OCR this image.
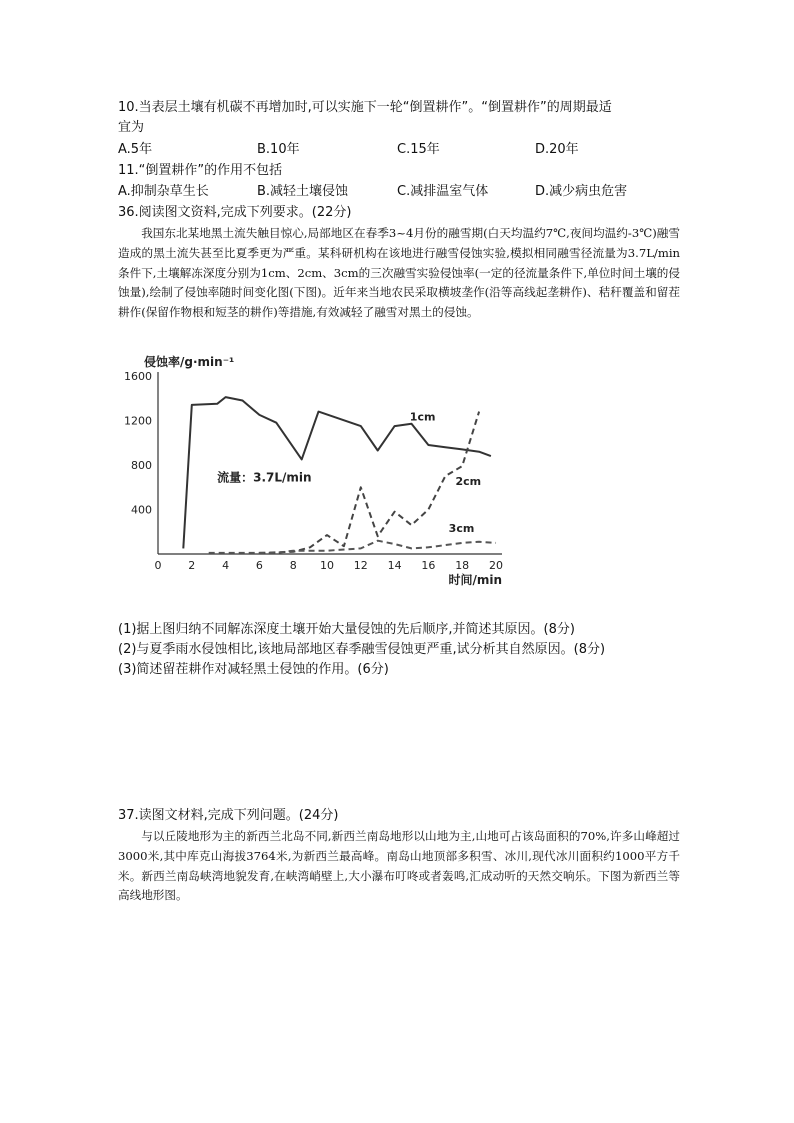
10.当表层土壤有机碳不再增加时,可以实施下一轮“倒置耕作”。“倒置耕作”的周期最适
宜为
A.5年	B.10年	C.15年	D.20年
11.“倒置耕作”的作用不包括
A.抑制杂草生长	B.减轻土壤侵蚀	C.减排温室气体	D.减少病虫危害
36.阅读图文资料,完成下列要求。(22分)

我国东北某地黑土流失触目惊心,局部地区在春季3~4月份的融雪期(白天均温约7℃,夜间均温约-3℃)融雪造成的黑土流失甚至比夏季更为严重。某科研机构在该地进行融雪侵蚀实验,模拟相同融雪径流量为3.7L/min条件下,土壤解冻深度分别为1cm、2cm、3cm的三次融雪实验侵蚀率(一定的径流量条件下,单位时间土壤的侵蚀量),绘制了侵蚀率随时间变化图(下图)。近年来当地农民采取横坡垄作(沿等高线起垄耕作)、秸秆覆盖和留茬耕作(保留作物根和短茎的耕作)等措施,有效减轻了融雪对黑土的侵蚀。

0 2 4 6 8 10 12 14 16 18 20
400
800
1200
1600
1cm
2cm
3cm
侵蚀率/g·min⁻¹
时间/min
流量：3.7L/min
(1)据上图归纳不同解冻深度土壤开始大量侵蚀的先后顺序,并简述其原因。(8分)
(2)与夏季雨水侵蚀相比,该地局部地区春季融雪侵蚀更严重,试分析其自然原因。(8分)
(3)简述留茬耕作对减轻黑土侵蚀的作用。(6分)
37.读图文材料,完成下列问题。(24分)

与以丘陵地形为主的新西兰北岛不同,新西兰南岛地形以山地为主,山地可占该岛面积的70%,许多山峰超过3000米,其中库克山海拔3764米,为新西兰最高峰。南岛山地顶部多积雪、冰川,现代冰川面积约1000平方千米。新西兰南岛峡湾地貌发育,在峡湾峭壁上,大小瀑布叮咚或者轰鸣,汇成动听的天然交响乐。下图为新西兰等高线地形图。
